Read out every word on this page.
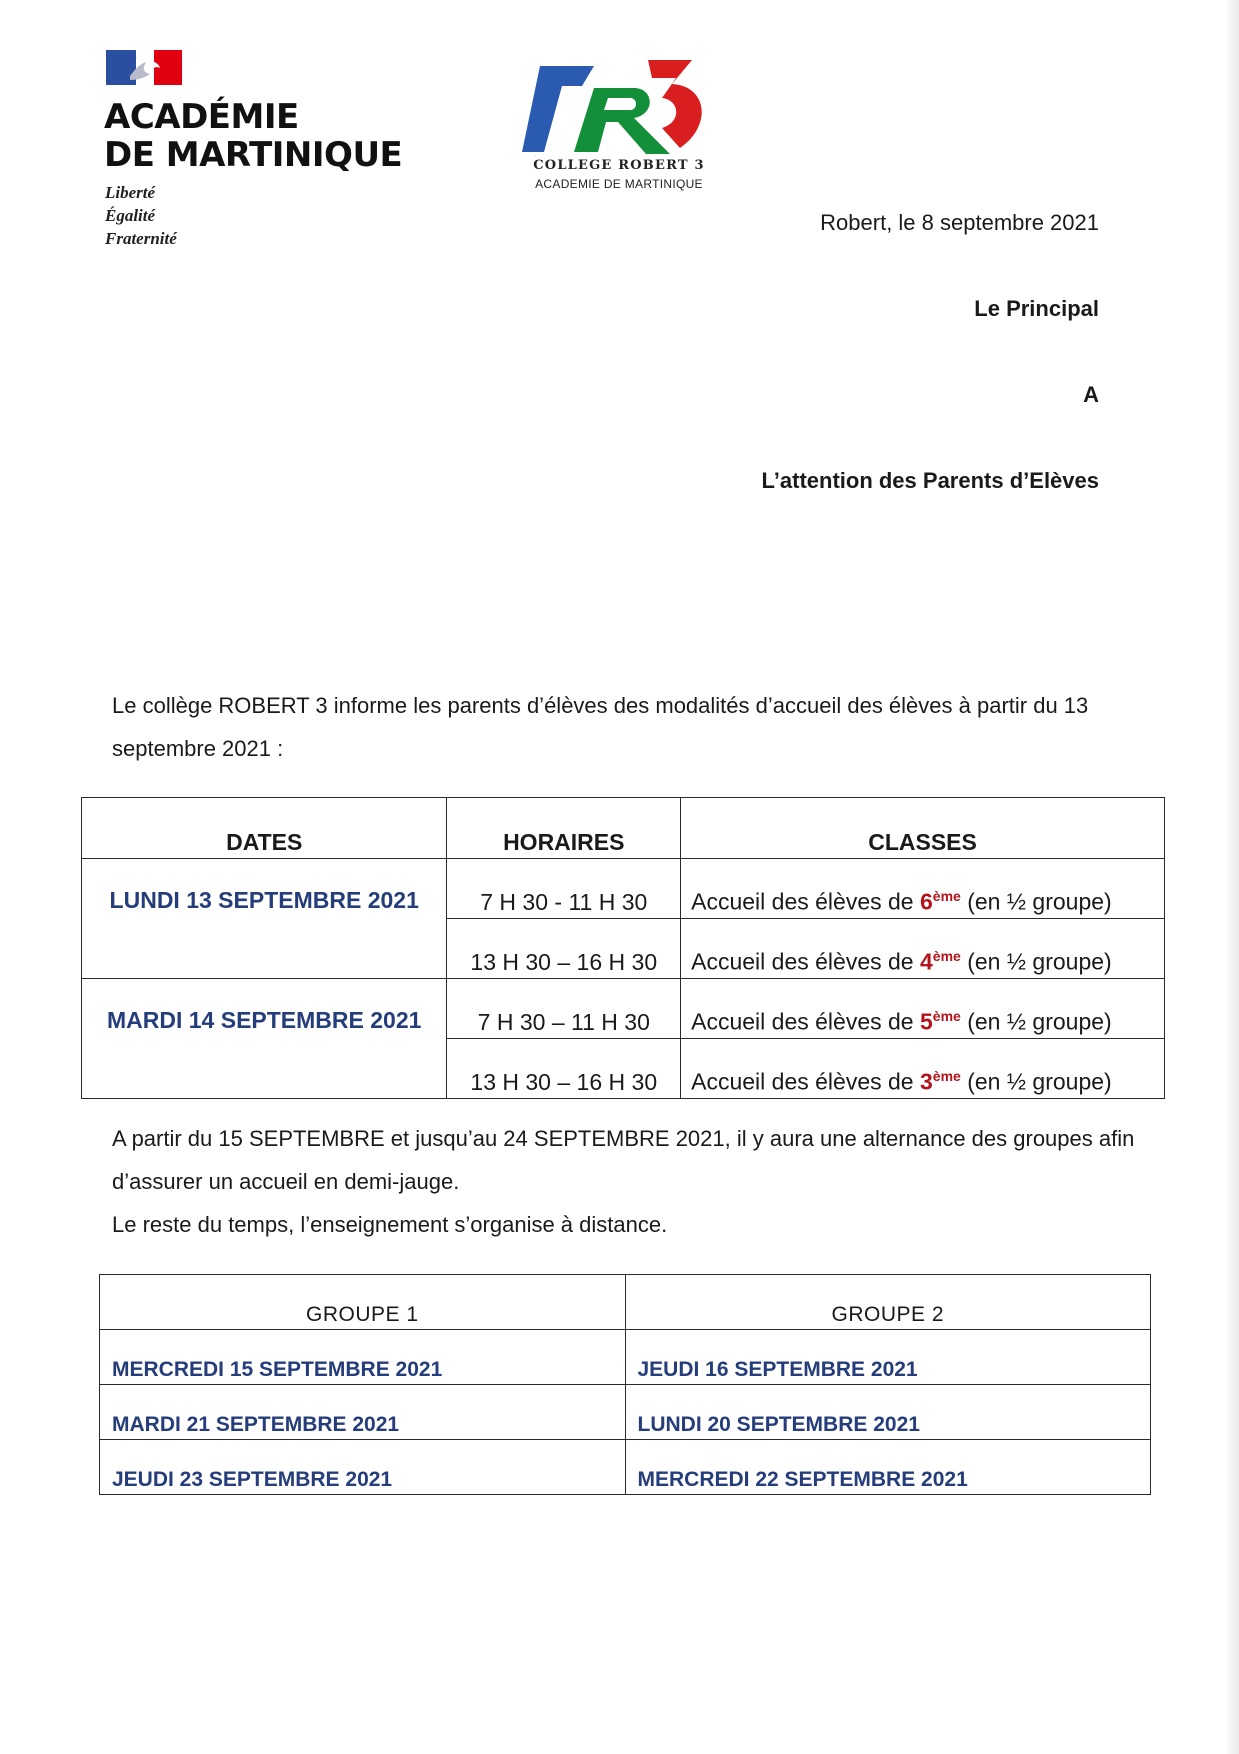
ACADÉMIE
DE MARTINIQUE
Liberté
Égalité
Fraternité
CR3
COLLEGE ROBERT 3
ACADEMIE DE MARTINIQUE

Robert, le 8 septembre 2021

Le Principal

A

L’attention des Parents d’Elèves

Le collège ROBERT 3 informe les parents d’élèves des modalités d’accueil des élèves à partir du 13 septembre 2021 :

DATES	HORAIRES	CLASSES
LUNDI 13 SEPTEMBRE 2021	7 H 30 - 11 H 30	Accueil des élèves de 6ème (en ½ groupe)
	13 H 30 – 16 H 30	Accueil des élèves de 4ème (en ½ groupe)
MARDI 14 SEPTEMBRE 2021	7 H 30 – 11 H 30	Accueil des élèves de 5ème (en ½ groupe)
	13 H 30 – 16 H 30	Accueil des élèves de 3ème (en ½ groupe)
A partir du 15 SEPTEMBRE et jusqu’au 24 SEPTEMBRE 2021, il y aura une alternance des groupes afin d’assurer un accueil en demi-jauge.
Le reste du temps, l’enseignement s’organise à distance.
GROUPE 1	GROUPE 2
MERCREDI 15 SEPTEMBRE 2021	JEUDI 16 SEPTEMBRE 2021
MARDI 21 SEPTEMBRE 2021	LUNDI 20 SEPTEMBRE 2021
JEUDI 23 SEPTEMBRE 2021	MERCREDI 22 SEPTEMBRE 2021
